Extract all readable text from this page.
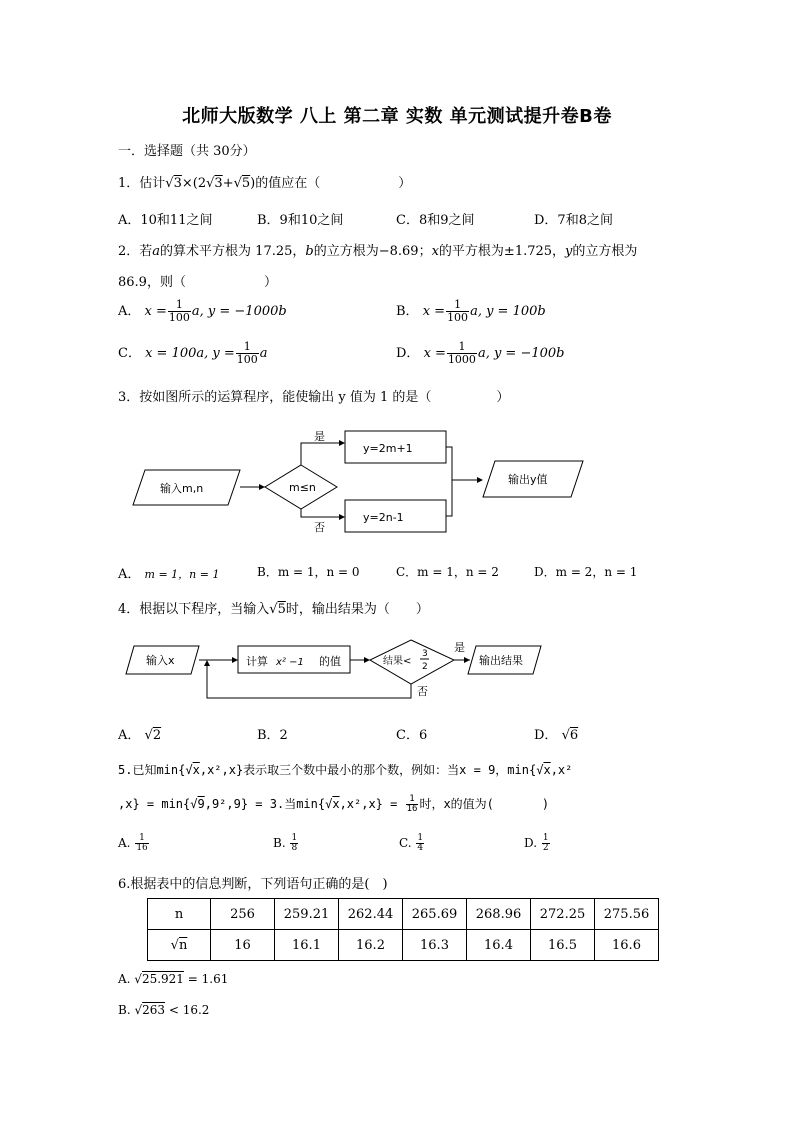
北师大版数学 八上 第二章 实数 单元测试提升卷B卷
一．选择题（共 30分）
1．估计√3×(2√3+√5)的值应在（　　　　　　）
A．10和11之间	B．9和10之间	C．8和9之间	D．7和8之间
2．若a的算术平方根为 17.25，b的立方根为−8.69；x的平方根为±1.725，y的立方根为
86.9，则（　　　　　　）
A． $x = \frac{1}{100} a$, y = −1000b	B． $x = \frac{1}{100} a$, y = 100b
C． x = 100a, $y = \frac{1}{100}$ a	D． $x = \frac{1}{1000} a$, y = −100b
3．按如图所示的运算程序，能使输出 y 值为 1 的是（　　　　　）
输入m,n	m≤n
是
否
y=2m+1
y=2n-1
输出y值
A． m = 1，n = 1	B．m = 1，n = 0	C．m = 1，n = 2	D．m = 2，n = 1
4．根据以下程序，当输入√5时，输出结果为（　　）
输入x	计算 x² −1 的值	结果<
3
2
是
否
输出结果
A． √2	B．2	C．6	D． √6
5.已知min{√x,x²,x}表示取三个数中最小的那个数，例如：当x = 9，min{√x,x²
,x} = min{√9,9²,9} = 3.当$\min\{√x,x^2,x\} = \frac{1}{16}$ 时，x的值为(　　　　)
A. $\frac{1}{16}$	B. $\frac{1}{8}$	C. $\frac{1}{4}$	D. $\frac{1}{2}$
6.根据表中的信息判断，下列语句正确的是(　)
n	256	259.21	262.44	265.69	268.96	272.25	275.56
√n	16	16.1	16.2	16.3	16.4	16.5	16.6
A. √25.921 = 1.61
B. √263 < 16.2
